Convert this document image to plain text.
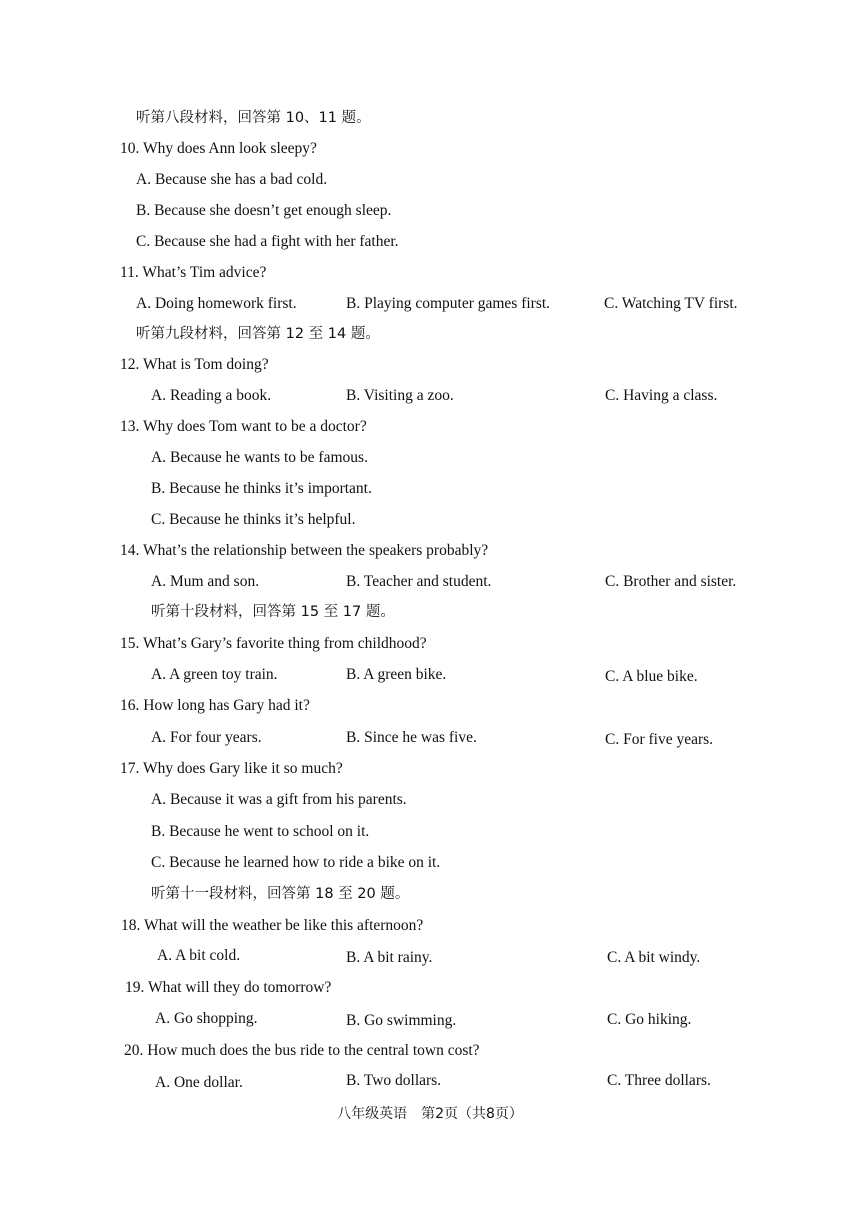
听第八段材料，回答第 10、11 题。
10. Why does Ann look sleepy?
A. Because she has a bad cold.
B. Because she doesn’t get enough sleep.
C. Because she had a fight with her father.
11. What’s Tim advice?
A. Doing homework first.	B. Playing computer games first.	C. Watching TV first.
听第九段材料，回答第 12 至 14 题。
12. What is Tom doing?
A. Reading a book.	B. Visiting a zoo.	C. Having a class.
13. Why does Tom want to be a doctor?
A. Because he wants to be famous.
B. Because he thinks it’s important.
C. Because he thinks it’s helpful.
14. What’s the relationship between the speakers probably?
A. Mum and son.	B. Teacher and student.	C. Brother and sister.
听第十段材料，回答第 15 至 17 题。
15. What’s Gary’s favorite thing from childhood?
A. A green toy train.	B. A green bike.	C. A blue bike.
16. How long has Gary had it?
A. For four years.	B. Since he was five.	C. For five years.
17. Why does Gary like it so much?
A. Because it was a gift from his parents.
B. Because he went to school on it.
C. Because he learned how to ride a bike on it.
听第十一段材料，回答第 18 至 20 题。
18. What will the weather be like this afternoon?
A. A bit cold.	B. A bit rainy.	C. A bit windy.
19. What will they do tomorrow?
A. Go shopping.	B. Go swimming.	C. Go hiking.
20. How much does the bus ride to the central town cost?
A. One dollar.	B. Two dollars.	C. Three dollars.
八年级英语　第2页（共8页）
